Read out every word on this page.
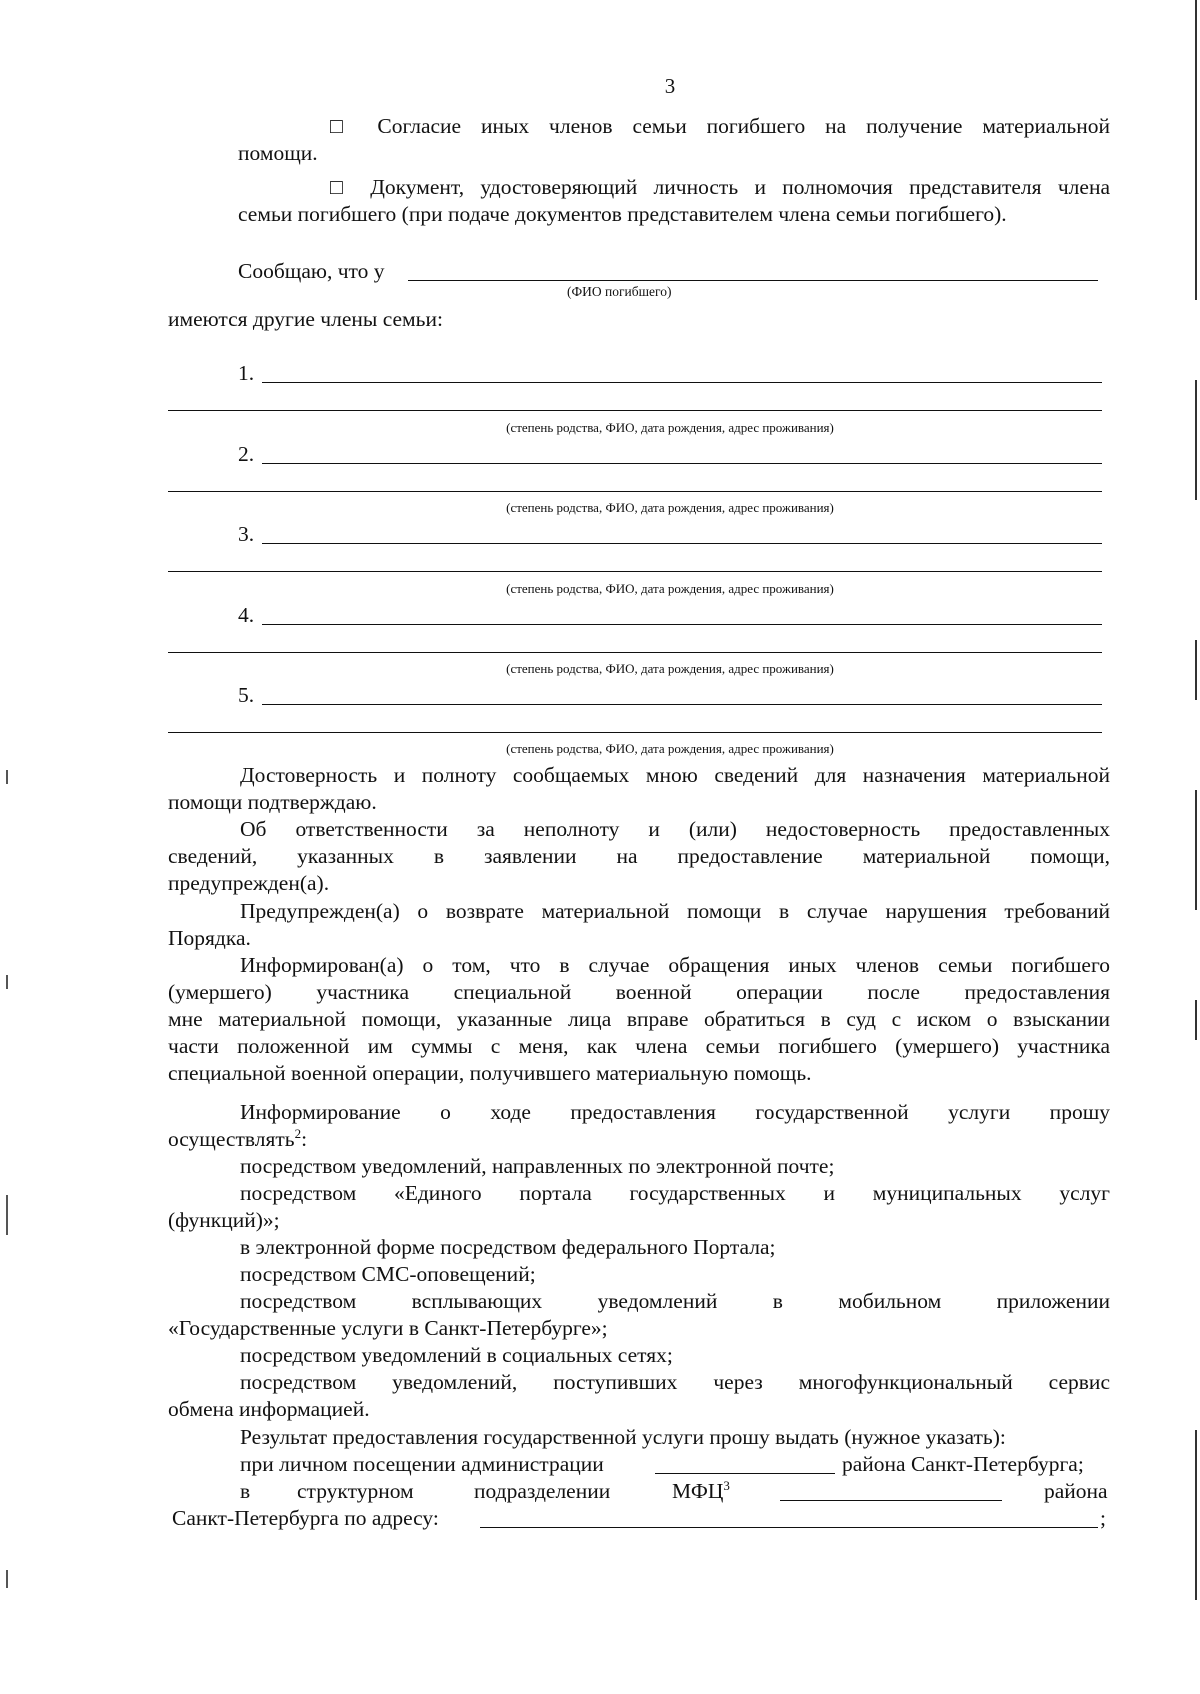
3
□ Согласие иных членов семьи погибшего на получение материальной
помощи.
□ Документ, удостоверяющий личность и полномочия представителя члена
семьи погибшего (при подаче документов представителем члена семьи погибшего).
Сообщаю, что у
(ФИО погибшего)
имеются другие члены семьи:
1.
(степень родства, ФИО, дата рождения, адрес проживания)
2.
(степень родства, ФИО, дата рождения, адрес проживания)
3.
(степень родства, ФИО, дата рождения, адрес проживания)
4.
(степень родства, ФИО, дата рождения, адрес проживания)
5.
(степень родства, ФИО, дата рождения, адрес проживания)
Достоверность и полноту сообщаемых мною сведений для назначения материальной
помощи подтверждаю.
Об ответственности за неполноту и (или) недостоверность предоставленных
сведений, указанных в заявлении на предоставление материальной помощи,
предупрежден(а).
Предупрежден(а) о возврате материальной помощи в случае нарушения требований
Порядка.
Информирован(а) о том, что в случае обращения иных членов семьи погибшего
(умершего) участника специальной военной операции после предоставления
мне материальной помощи, указанные лица вправе обратиться в суд с иском о взыскании
части положенной им суммы с меня, как члена семьи погибшего (умершего) участника
специальной военной операции, получившего материальную помощь.
Информирование о ходе предоставления государственной услуги прошу
осуществлять$^2$:
посредством уведомлений, направленных по электронной почте;
посредством «Единого портала государственных и муниципальных услуг
(функций)»;
в электронной форме посредством федерального Портала;
посредством СМС-оповещений;
посредством всплывающих уведомлений в мобильном приложении
«Государственные услуги в Санкт-Петербурге»;
посредством уведомлений в социальных сетях;
посредством уведомлений, поступивших через многофункциональный сервис
обмена информацией.
Результат предоставления государственной услуги прошу выдать (нужное указать):
при личном посещении администрации	района Санкт-Петербурга;
в структурном	подразделении	МФЦ$^3$	района
Санкт-Петербурга по адресу:	;
